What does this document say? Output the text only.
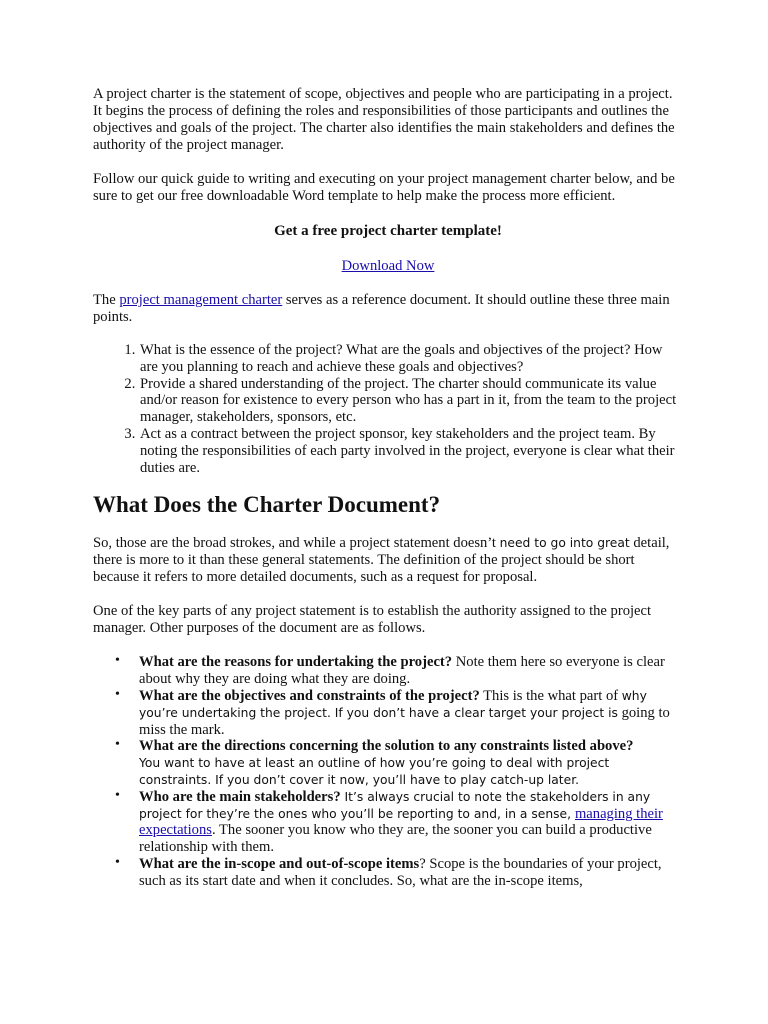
A project charter is the statement of scope, objectives and people who are participating in a project. It begins the process of defining the roles and responsibilities of those participants and outlines the objectives and goals of the project. The charter also identifies the main stakeholders and defines the authority of the project manager.

Follow our quick guide to writing and executing on your project management charter below, and be sure to get our free downloadable Word template to help make the process more efficient.

Get a free project charter template!

Download Now

The project management charter serves as a reference document. It should outline these three main points.

1. What is the essence of the project? What are the goals and objectives of the project? How are you planning to reach and achieve these goals and objectives?
2. Provide a shared understanding of the project. The charter should communicate its value and/or reason for existence to every person who has a part in it, from the team to the project manager, stakeholders, sponsors, etc.
3. Act as a contract between the project sponsor, key stakeholders and the project team. By noting the responsibilities of each party involved in the project, everyone is clear what their duties are.
What Does the Charter Document?

So, those are the broad strokes, and while a project statement doesn’t need to go into great detail, there is more to it than these general statements. The definition of the project should be short because it refers to more detailed documents, such as a request for proposal.

One of the key parts of any project statement is to establish the authority assigned to the project manager. Other purposes of the document are as follows.

• What are the reasons for undertaking the project? Note them here so everyone is clear about why they are doing what they are doing.
• What are the objectives and constraints of the project? This is the what part of why you’re undertaking the project. If you don’t have a clear target your project is going to miss the mark.
• What are the directions concerning the solution to any constraints listed above?
You want to have at least an outline of how you’re going to deal with project constraints. If you don’t cover it now, you’ll have to play catch-up later.
• Who are the main stakeholders? It’s always crucial to note the stakeholders in any project for they’re the ones who you’ll be reporting to and, in a sense, managing their expectations. The sooner you know who they are, the sooner you can build a productive relationship with them.
• What are the in-scope and out-of-scope items? Scope is the boundaries of your project, such as its start date and when it concludes. So, what are the in-scope items,
